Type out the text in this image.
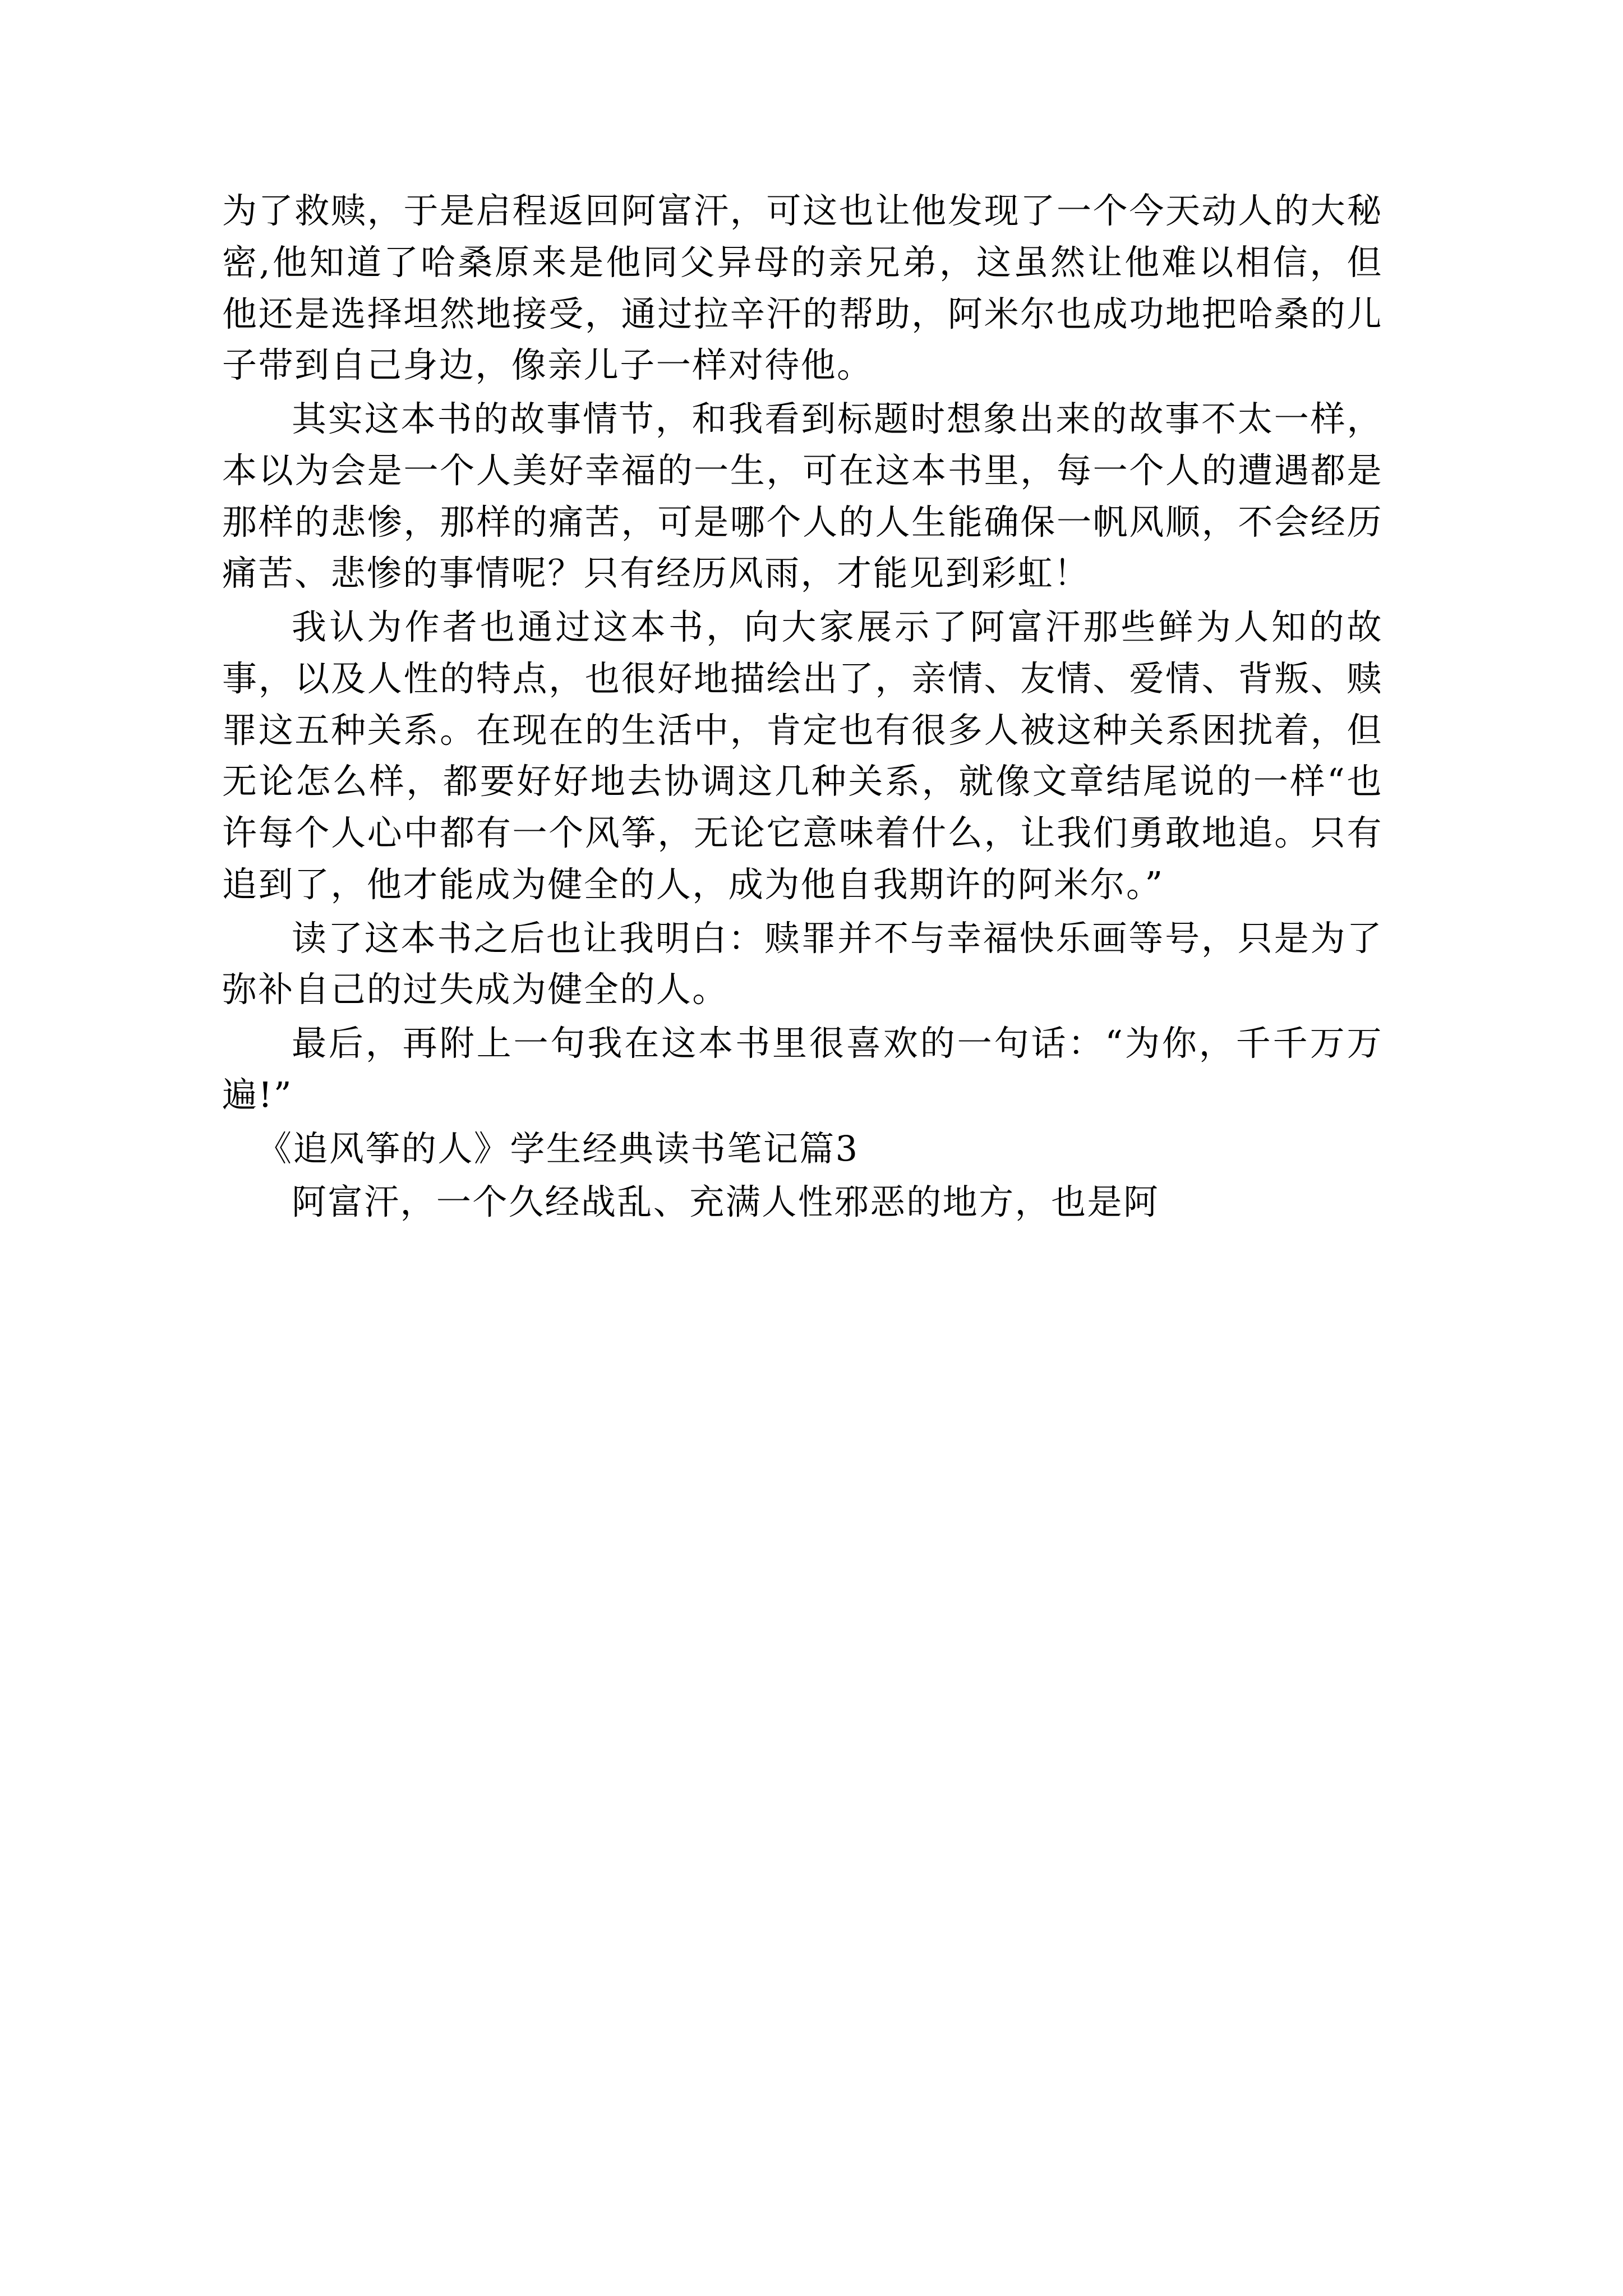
为了救赎，于是启程返回阿富汗，可这也让他发现了一个今天动人的大秘密,他知道了哈桑原来是他同父异母的亲兄弟，这虽然让他难以相信，但他还是选择坦然地接受，通过拉辛汗的帮助，阿米尔也成功地把哈桑的儿子带到自己身边，像亲儿子一样对待他。

其实这本书的故事情节，和我看到标题时想象出来的故事不太一样，本以为会是一个人美好幸福的一生，可在这本书里，每一个人的遭遇都是那样的悲惨，那样的痛苦，可是哪个人的人生能确保一帆风顺，不会经历痛苦、悲惨的事情呢？只有经历风雨，才能见到彩虹！

我认为作者也通过这本书，向大家展示了阿富汗那些鲜为人知的故事，以及人性的特点，也很好地描绘出了，亲情、友情、爱情、背叛、赎罪这五种关系。在现在的生活中，肯定也有很多人被这种关系困扰着，但无论怎么样，都要好好地去协调这几种关系，就像文章结尾说的一样“也许每个人心中都有一个风筝，无论它意味着什么，让我们勇敢地追。只有追到了，他才能成为健全的人，成为他自我期许的阿米尔。”

读了这本书之后也让我明白：赎罪并不与幸福快乐画等号，只是为了弥补自己的过失成为健全的人。

最后，再附上一句我在这本书里很喜欢的一句话：“为你，千千万万遍!”

《追风筝的人》学生经典读书笔记篇3

阿富汗，一个久经战乱、充满人性邪恶的地方，也是阿
